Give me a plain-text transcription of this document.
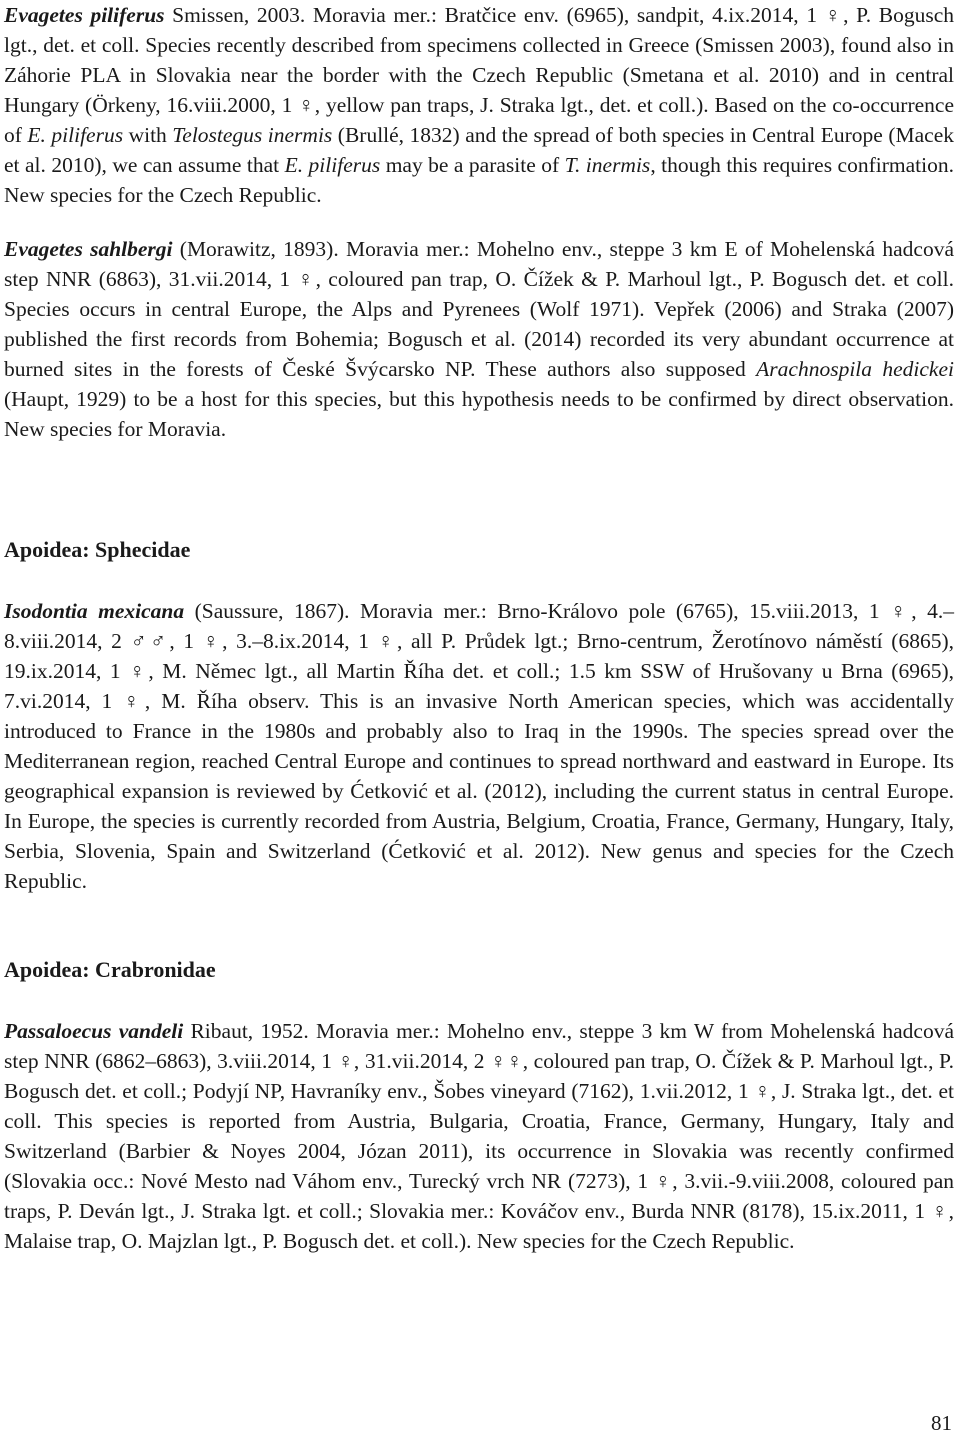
Evagetes piliferus Smissen, 2003. Moravia mer.: Bratčice env. (6965), sandpit, 4.ix.2014, 1 ♀, P. Bogusch lgt., det. et coll. Species recently described from specimens collected in Greece (Smissen 2003), found also in Záhorie PLA in Slovakia near the border with the Czech Republic (Smetana et al. 2010) and in central Hungary (Örkeny, 16.viii.2000, 1 ♀, yellow pan traps, J. Straka lgt., det. et coll.). Based on the co-occurrence of E. piliferus with Telostegus inermis (Brullé, 1832) and the spread of both species in Central Europe (Macek et al. 2010), we can assume that E. piliferus may be a parasite of T. inermis, though this requires confirmation. New species for the Czech Republic.

Evagetes sahlbergi (Morawitz, 1893). Moravia mer.: Mohelno env., steppe 3 km E of Mohelenská hadcová step NNR (6863), 31.vii.2014, 1 ♀, coloured pan trap, O. Čížek & P. Marhoul lgt., P. Bogusch det. et coll. Species occurs in central Europe, the Alps and Pyrenees (Wolf 1971). Vepřek (2006) and Straka (2007) published the first records from Bohemia; Bogusch et al. (2014) recorded its very abundant occurrence at burned sites in the forests of České Švýcarsko NP. These authors also supposed Arachnospila hedickei (Haupt, 1929) to be a host for this species, but this hypothesis needs to be confirmed by direct observation. New species for Moravia.

Apoidea: Sphecidae

Isodontia mexicana (Saussure, 1867). Moravia mer.: Brno-Královo pole (6765), 15.viii.2013, 1 ♀, 4.–8.viii.2014, 2 ♂♂, 1 ♀, 3.–8.ix.2014, 1 ♀, all P. Průdek lgt.; Brno-centrum, Žerotínovo náměstí (6865), 19.ix.2014, 1 ♀, M. Němec lgt., all Martin Říha det. et coll.; 1.5 km SSW of Hrušovany u Brna (6965), 7.vi.2014, 1 ♀, M. Říha observ. This is an invasive North American species, which was accidentally introduced to France in the 1980s and probably also to Iraq in the 1990s. The species spread over the Mediterranean region, reached Central Europe and continues to spread northward and eastward in Europe. Its geographical expansion is reviewed by Ćetković et al. (2012), including the current status in central Europe. In Europe, the species is currently recorded from Austria, Belgium, Croatia, France, Germany, Hungary, Italy, Serbia, Slovenia, Spain and Switzerland (Ćetković et al. 2012). New genus and species for the Czech Republic.

Apoidea: Crabronidae

Passaloecus vandeli Ribaut, 1952. Moravia mer.: Mohelno env., steppe 3 km W from Mohelenská hadcová step NNR (6862–6863), 3.viii.2014, 1 ♀, 31.vii.2014, 2 ♀♀, coloured pan trap, O. Čížek & P. Marhoul lgt., P. Bogusch det. et coll.; Podyjí NP, Havraníky env., Šobes vineyard (7162), 1.vii.2012, 1 ♀, J. Straka lgt., det. et coll. This species is reported from Austria, Bulgaria, Croatia, France, Germany, Hungary, Italy and Switzerland (Barbier & Noyes 2004, Józan 2011), its occurrence in Slovakia was recently confirmed (Slovakia occ.: Nové Mesto nad Váhom env., Turecký vrch NR (7273), 1 ♀, 3.vii.-9.viii.2008, coloured pan traps, P. Deván lgt., J. Straka lgt. et coll.; Slovakia mer.: Kováčov env., Burda NNR (8178), 15.ix.2011, 1 ♀, Malaise trap, O. Majzlan lgt., P. Bogusch det. et coll.). New species for the Czech Republic.

81
